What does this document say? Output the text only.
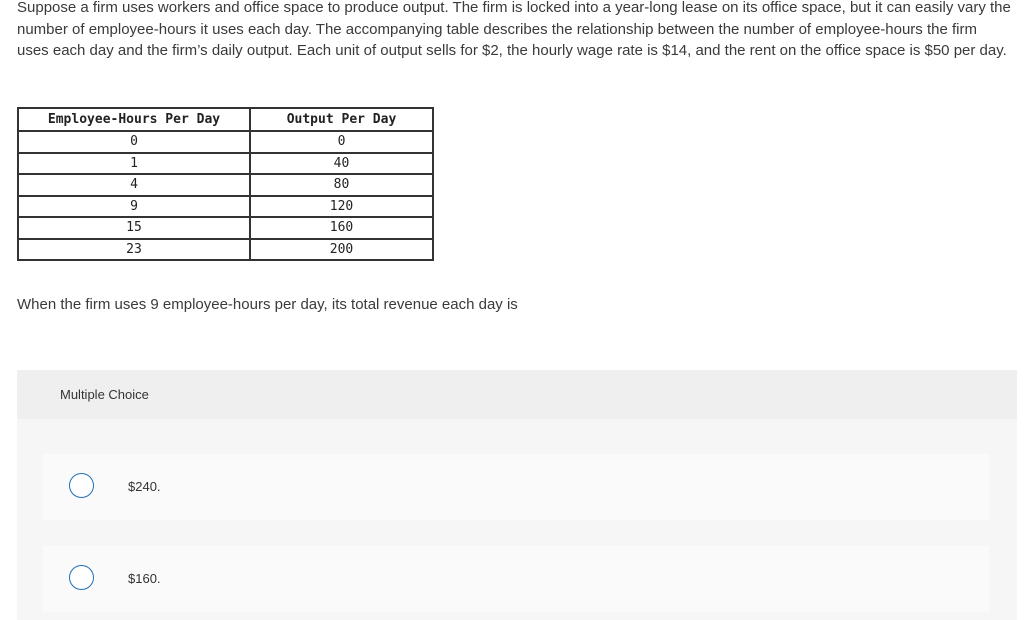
Suppose a firm uses workers and office space to produce output. The firm is locked into a year-long lease on its office space, but it can easily vary the number of employee-hours it uses each day. The accompanying table describes the relationship between the number of employee-hours the firm uses each day and the firm’s daily output. Each unit of output sells for $2, the hourly wage rate is $14, and the rent on the office space is $50 per day.
Employee-Hours Per Day	Output Per Day
0	0
1	40
4	80
9	120
15	160
23	200
When the firm uses 9 employee-hours per day, its total revenue each day is
Multiple Choice
$240.
$160.
